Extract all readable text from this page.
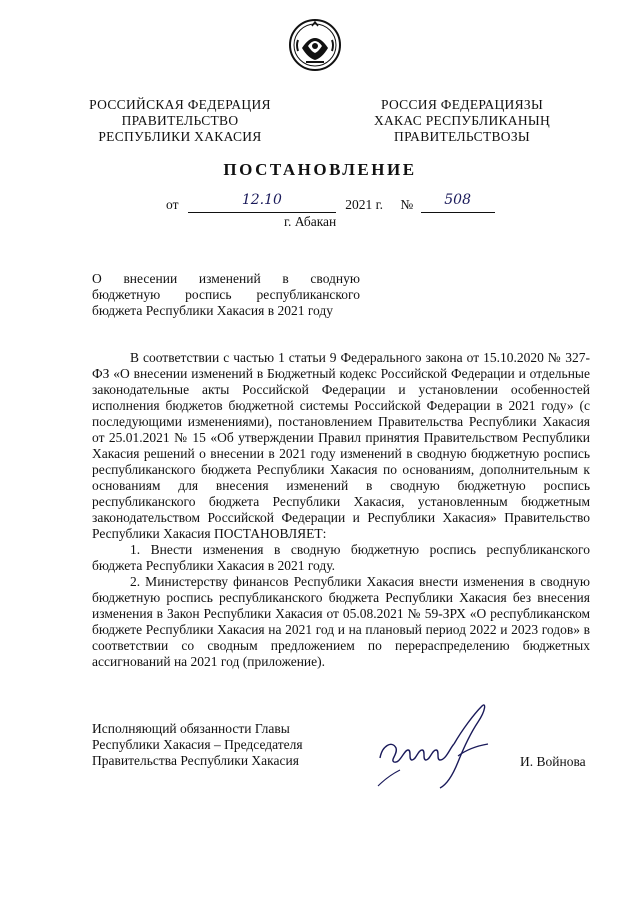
РОССИЙСКАЯ ФЕДЕРАЦИЯ
ПРАВИТЕЛЬСТВО
РЕСПУБЛИКИ ХАКАСИЯ
РОССИЯ ФЕДЕРАЦИЯЗЫ
ХАКАС РЕСПУБЛИКАНЫҢ
ПРАВИТЕЛЬСТВОЗЫ
ПОСТАНОВЛЕНИЕ
от	12.10	2021 г. № 508
г. Абакан
О внесении изменений в сводную
бюджетную роспись республиканского
бюджета Республики Хакасия в 2021 году

В соответствии с частью 1 статьи 9 Федерального закона от 15.10.2020 № 327-ФЗ «О внесении изменений в Бюджетный кодекс Российской Федерации и отдельные законодательные акты Российской Федерации и установлении особенностей исполнения бюджетов бюджетной системы Российской Федерации в 2021 году» (с последующими изменениями), постановлением Правительства Республики Хакасия от 25.01.2021 № 15 «Об утверждении Правил принятия Правительством Республики Хакасия решений о внесении в 2021 году изменений в сводную бюджетную роспись республиканского бюджета Республики Хакасия по основаниям, дополнительным к основаниям для внесения изменений в сводную бюджетную роспись республиканского бюджета Республики Хакасия, установленным бюджетным законодательством Российской Федерации и Республики Хакасия» Правительство Республики Хакасия ПОСТАНОВЛЯЕТ:

1. Внести изменения в сводную бюджетную роспись республиканского бюджета Республики Хакасия в 2021 году.

2. Министерству финансов Республики Хакасия внести изменения в сводную бюджетную роспись республиканского бюджета Республики Хакасия без внесения изменения в Закон Республики Хакасия от 05.08.2021 № 59-ЗРХ «О республиканском бюджете Республики Хакасия на 2021 год и на плановый период 2022 и 2023 годов» в соответствии со сводным предложением по перераспределению бюджетных ассигнований на 2021 год (приложение).

Исполняющий обязанности Главы
Республики Хакасия – Председателя
Правительства Республики Хакасия	И. Войнова
